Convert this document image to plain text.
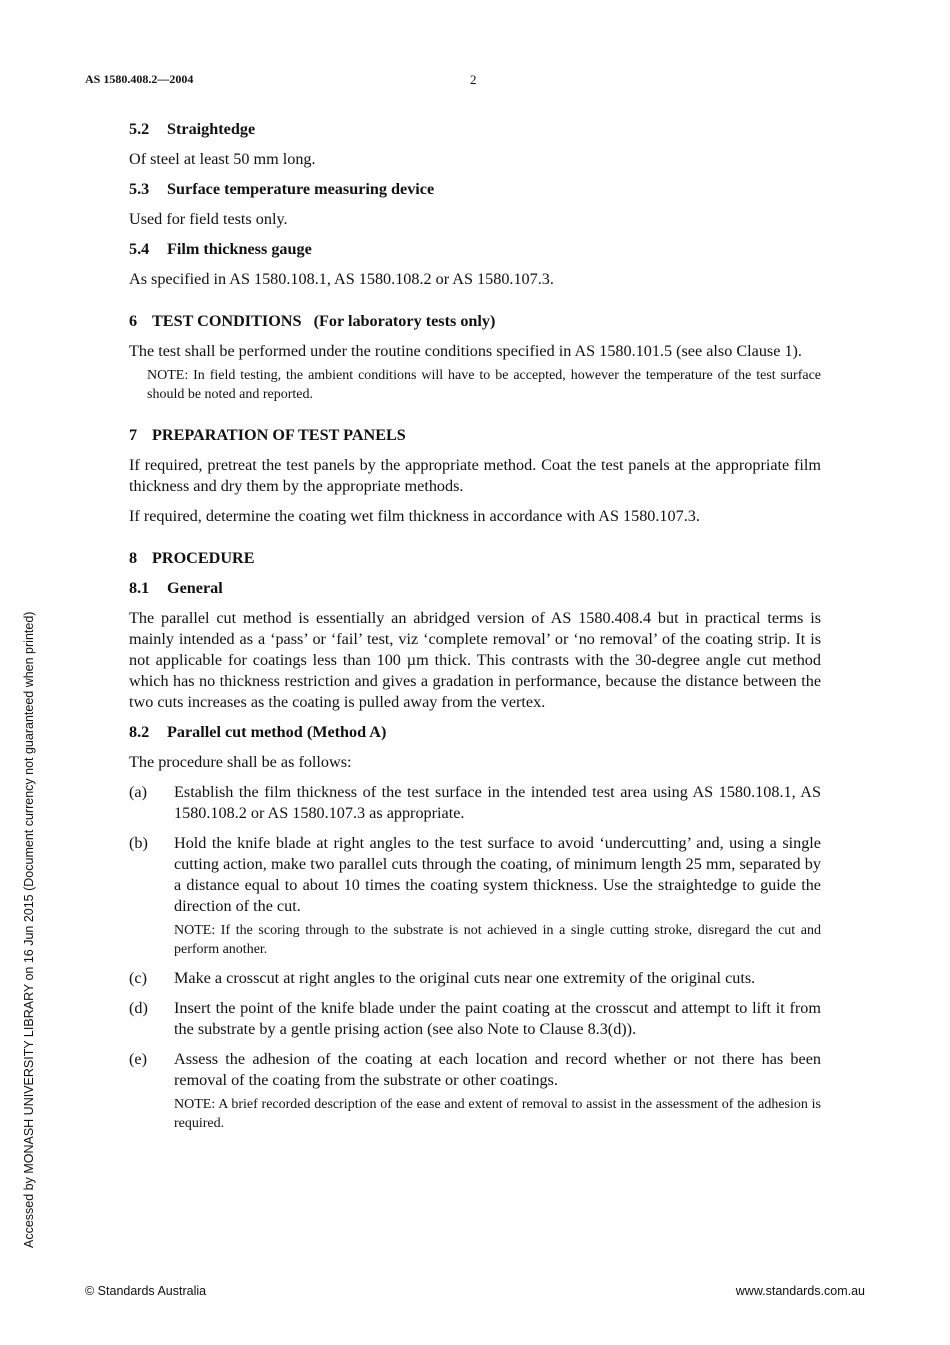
AS 1580.408.2—2004	2
Accessed by MONASH UNIVERSITY LIBRARY on 16 Jun 2015 (Document currency not guaranteed when printed)
5.2 Straightedge

Of steel at least 50 mm long.

5.3 Surface temperature measuring device

Used for field tests only.

5.4 Film thickness gauge

As specified in AS 1580.108.1, AS 1580.108.2 or AS 1580.107.3.

6 TEST CONDITIONS (For laboratory tests only)

The test shall be performed under the routine conditions specified in AS 1580.101.5 (see also Clause 1).

NOTE: In field testing, the ambient conditions will have to be accepted, however the temperature of the test surface should be noted and reported.

7 PREPARATION OF TEST PANELS

If required, pretreat the test panels by the appropriate method. Coat the test panels at the appropriate film thickness and dry them by the appropriate methods.

If required, determine the coating wet film thickness in accordance with AS 1580.107.3.

8 PROCEDURE
8.1 General

The parallel cut method is essentially an abridged version of AS 1580.408.4 but in practical terms is mainly intended as a ‘pass’ or ‘fail’ test, viz ‘complete removal’ or ‘no removal’ of the coating strip. It is not applicable for coatings less than 100 µm thick. This contrasts with the 30-degree angle cut method which has no thickness restriction and gives a gradation in performance, because the distance between the two cuts increases as the coating is pulled away from the vertex.

8.2 Parallel cut method (Method A)

The procedure shall be as follows:

(a)	Establish the film thickness of the test surface in the intended test area using AS 1580.108.1, AS 1580.108.2 or AS 1580.107.3 as appropriate.

(b)	Hold the knife blade at right angles to the test surface to avoid ‘undercutting’ and, using a single cutting action, make two parallel cuts through the coating, of minimum length 25 mm, separated by a distance equal to about 10 times the coating system thickness. Use the straightedge to guide the direction of the cut.

NOTE: If the scoring through to the substrate is not achieved in a single cutting stroke, disregard the cut and perform another.

(c)	Make a crosscut at right angles to the original cuts near one extremity of the original cuts.

(d)	Insert the point of the knife blade under the paint coating at the crosscut and attempt to lift it from the substrate by a gentle prising action (see also Note to Clause 8.3(d)).

(e)	Assess the adhesion of the coating at each location and record whether or not there has been removal of the coating from the substrate or other coatings.

NOTE: A brief recorded description of the ease and extent of removal to assist in the assessment of the adhesion is required.

© Standards Australia	www.standards.com.au
